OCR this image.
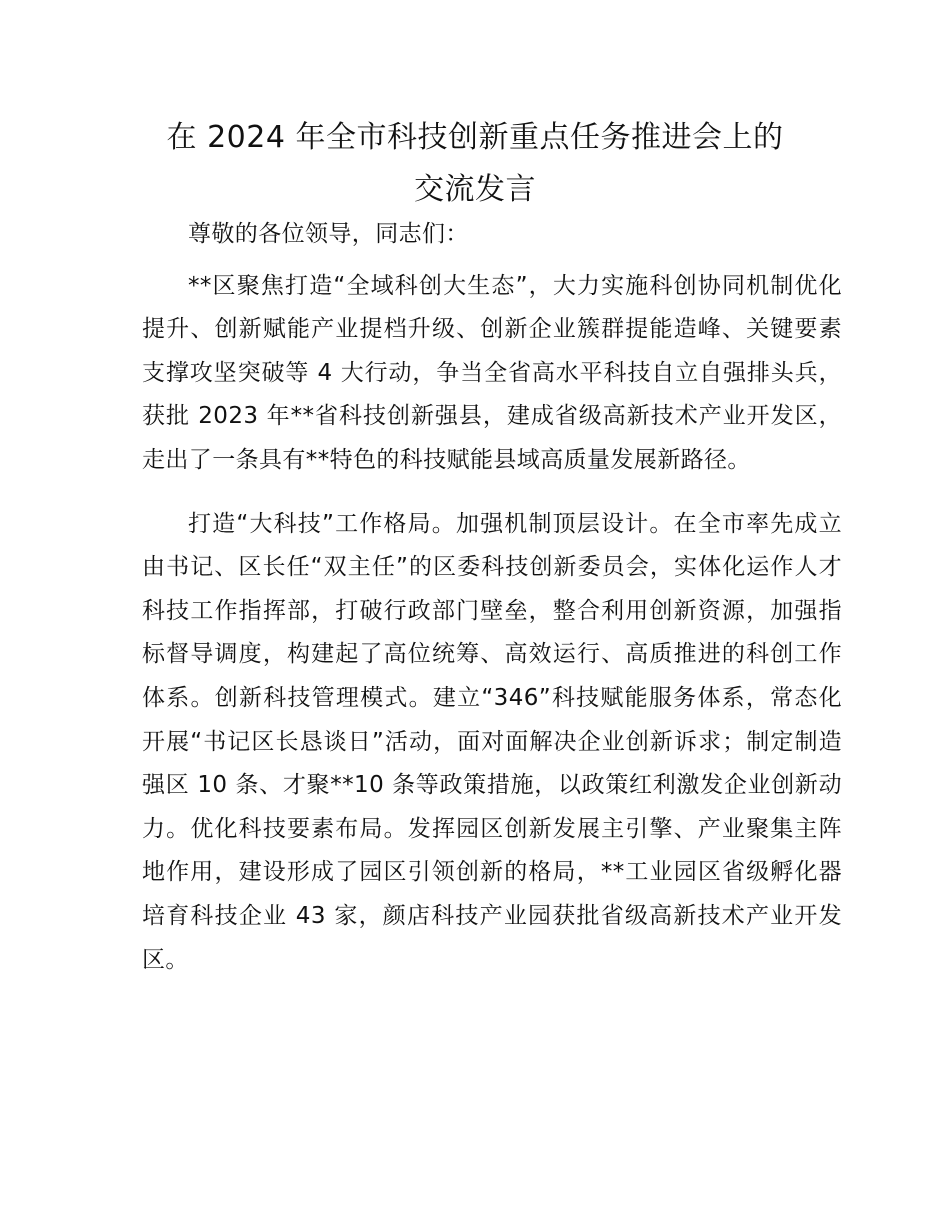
在 2024 年全市科技创新重点任务推进会上的
交流发言

尊敬的各位领导，同志们：

**区聚焦打造“全域科创大生态”，大力实施科创协同机制优化提升、创新赋能产业提档升级、创新企业簇群提能造峰、关键要素支撑攻坚突破等 4 大行动，争当全省高水平科技自立自强排头兵，获批 2023 年**省科技创新强县，建成省级高新技术产业开发区，走出了一条具有**特色的科技赋能县域高质量发展新路径。

打造“大科技”工作格局。加强机制顶层设计。在全市率先成立由书记、区长任“双主任”的区委科技创新委员会，实体化运作人才科技工作指挥部，打破行政部门壁垒，整合利用创新资源，加强指标督导调度，构建起了高位统筹、高效运行、高质推进的科创工作体系。创新科技管理模式。建立“346”科技赋能服务体系，常态化开展“书记区长恳谈日”活动，面对面解决企业创新诉求；制定制造强区 10 条、才聚**10 条等政策措施，以政策红利激发企业创新动力。优化科技要素布局。发挥园区创新发展主引擎、产业聚集主阵地作用，建设形成了园区引领创新的格局，**工业园区省级孵化器培育科技企业 43 家，颜店科技产业园获批省级高新技术产业开发区。
